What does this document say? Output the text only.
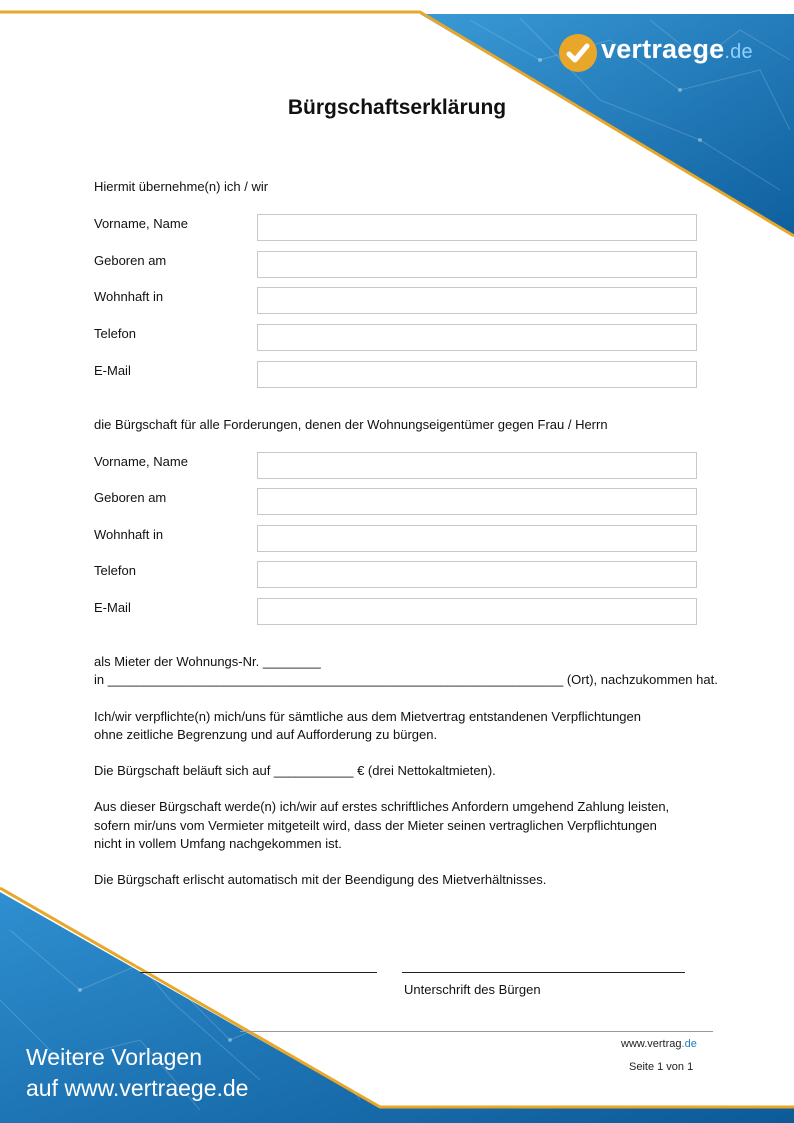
vertraege.de
Bürgschaftserklärung
Hiermit übernehme(n) ich / wir
Vorname, Name
Geboren am
Wohnhaft in
Telefon
E-Mail
die Bürgschaft für alle Forderungen, denen der Wohnungseigentümer gegen Frau / Herrn
Vorname, Name
Geboren am
Wohnhaft in
Telefon
E-Mail
als Mieter der Wohnungs-Nr. ________
in _______________________________________________________________ (Ort), nachzukommen hat.
Ich/wir verpflichte(n) mich/uns für sämtliche aus dem Mietvertrag entstandenen Verpflichtungen
ohne zeitliche Begrenzung und auf Aufforderung zu bürgen.
Die Bürgschaft beläuft sich auf ___________ € (drei Nettokaltmieten).
Aus dieser Bürgschaft werde(n) ich/wir auf erstes schriftliches Anfordern umgehend Zahlung leisten,
sofern mir/uns vom Vermieter mitgeteilt wird, dass der Mieter seinen vertraglichen Verpflichtungen
nicht in vollem Umfang nachgekommen ist.
Die Bürgschaft erlischt automatisch mit der Beendigung des Mietverhältnisses.
Unterschrift des Bürgen
Weitere Vorlagen
auf www.vertraege.de
www.vertrag.de
Seite 1 von 1
